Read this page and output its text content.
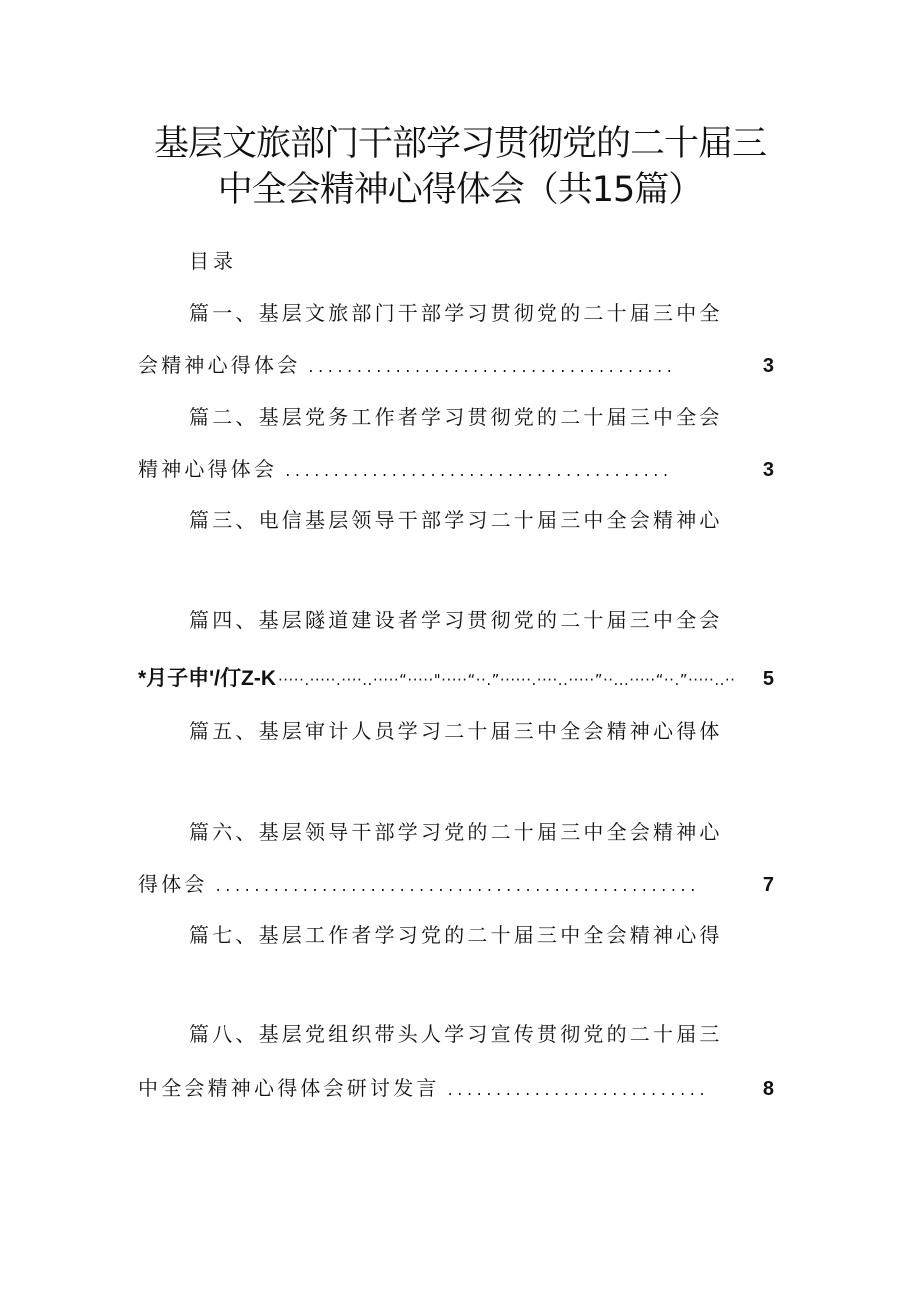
基层文旅部门干部学习贯彻党的二十届三
中全会精神心得体会（共15篇）
目录
篇一、基层文旅部门干部学习贯彻党的二十届三中全
会精神心得体会 ......................................	3
篇二、基层党务工作者学习贯彻党的二十届三中全会
精神心得体会 ........................................	3
篇三、电信基层领导干部学习二十届三中全会精神心
篇四、基层隧道建设者学习贯彻党的二十届三中全会
*月子申'/仃Z-K ·····.·····.····..·····“·····"·····“··.”······.····..·····”··...·····“··.”·····..··	5
篇五、基层审计人员学习二十届三中全会精神心得体
篇六、基层领导干部学习党的二十届三中全会精神心
得体会 ..................................................	7
篇七、基层工作者学习党的二十届三中全会精神心得
篇八、基层党组织带头人学习宣传贯彻党的二十届三
中全会精神心得体会研讨发言 ...........................	8
